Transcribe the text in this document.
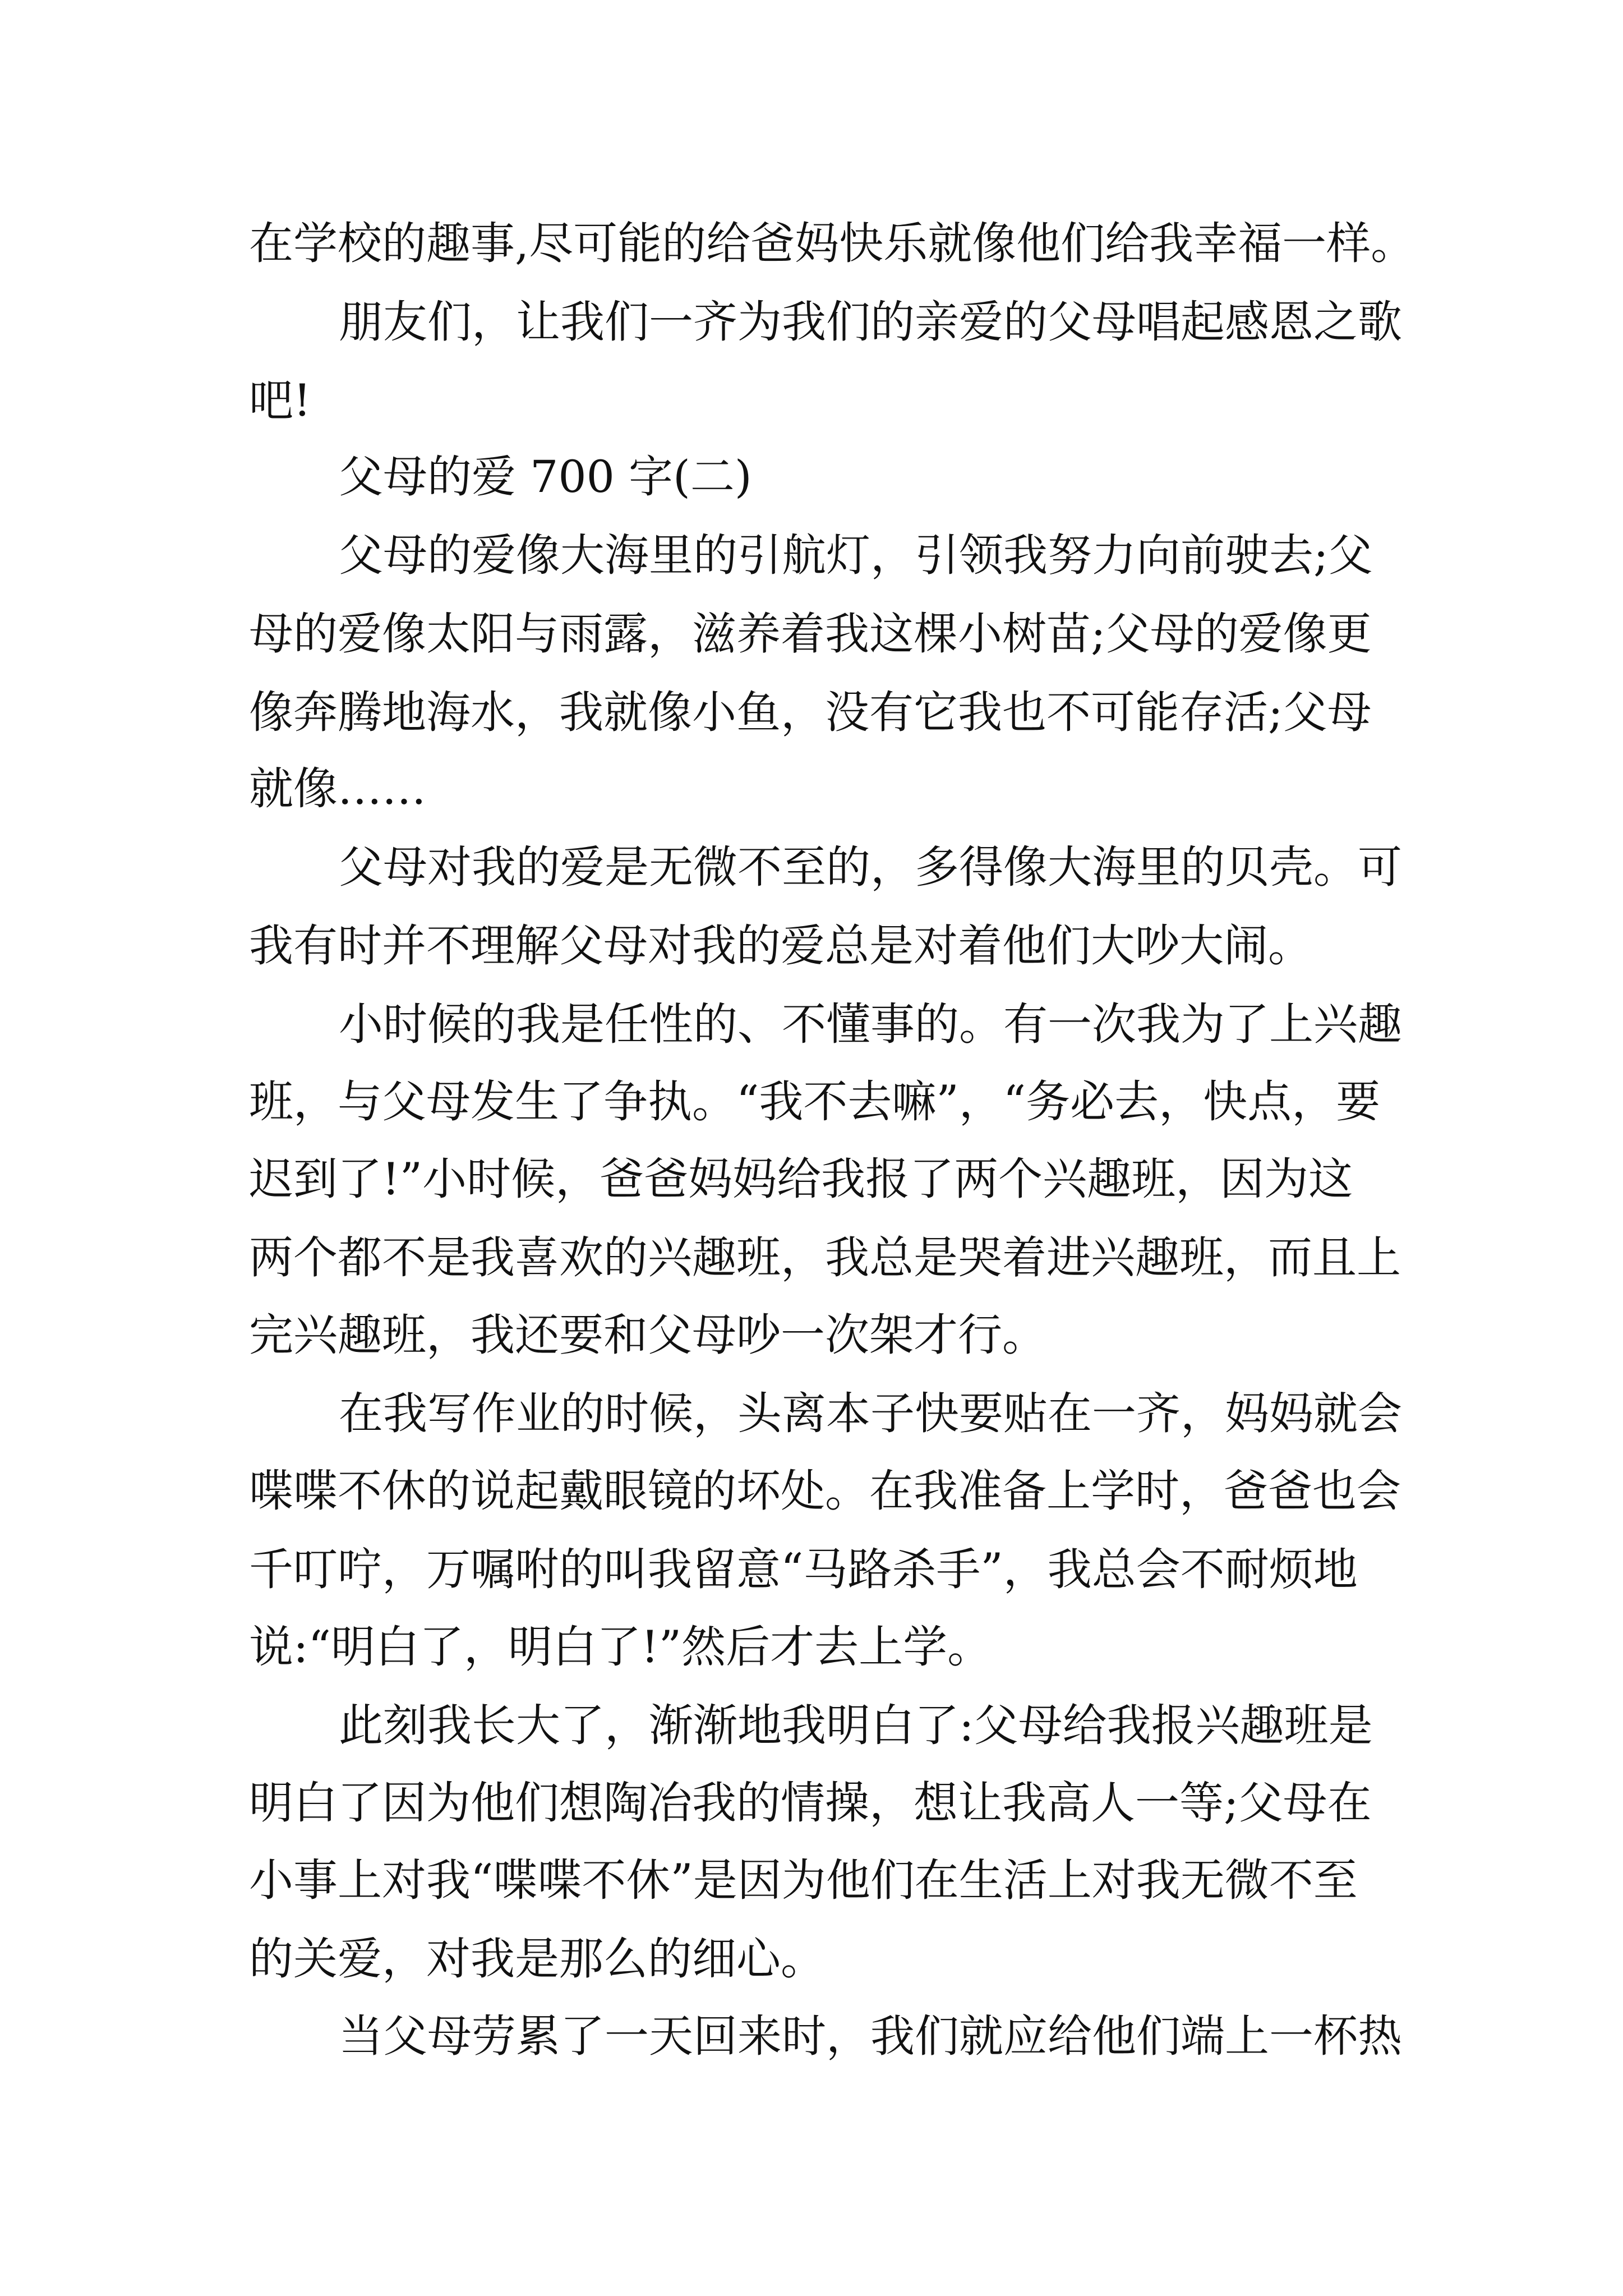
在学校的趣事,尽可能的给爸妈快乐就像他们给我幸福一样。

朋友们，让我们一齐为我们的亲爱的父母唱起感恩之歌

吧!

父母的爱 700 字(二)

父母的爱像大海里的引航灯，引领我努力向前驶去;父

母的爱像太阳与雨露，滋养着我这棵小树苗;父母的爱像更

像奔腾地海水，我就像小鱼，没有它我也不可能存活;父母

就像……

父母对我的爱是无微不至的，多得像大海里的贝壳。可

我有时并不理解父母对我的爱总是对着他们大吵大闹。

小时候的我是任性的、不懂事的。有一次我为了上兴趣

班，与父母发生了争执。“我不去嘛”，“务必去，快点，要

迟到了!”小时候，爸爸妈妈给我报了两个兴趣班，因为这

两个都不是我喜欢的兴趣班，我总是哭着进兴趣班，而且上

完兴趣班，我还要和父母吵一次架才行。

在我写作业的时候，头离本子快要贴在一齐，妈妈就会

喋喋不休的说起戴眼镜的坏处。在我准备上学时，爸爸也会

千叮咛，万嘱咐的叫我留意“马路杀手”，我总会不耐烦地

说:“明白了，明白了!”然后才去上学。

此刻我长大了，渐渐地我明白了:父母给我报兴趣班是

明白了因为他们想陶冶我的情操，想让我高人一等;父母在

小事上对我“喋喋不休”是因为他们在生活上对我无微不至

的关爱，对我是那么的细心。

当父母劳累了一天回来时，我们就应给他们端上一杯热
